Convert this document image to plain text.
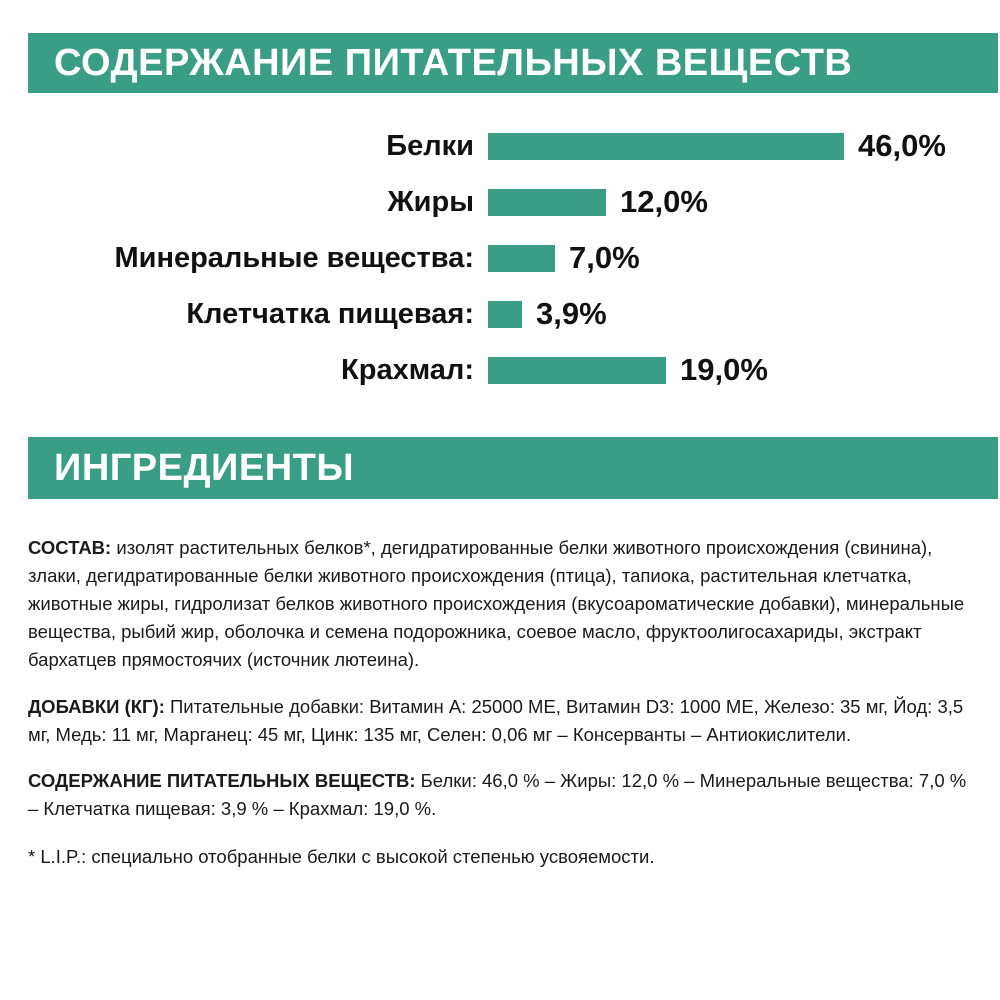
СОДЕРЖАНИЕ ПИТАТЕЛЬНЫХ ВЕЩЕСТВ
Белки	46,0%
Жиры	12,0%
Минеральные вещества:	7,0%
Клетчатка пищевая:	3,9%
Крахмал:	19,0%
ИНГРЕДИЕНТЫ

СОСТАВ: изолят растительных белков*, дегидратированные белки животного происхождения (свинина), злаки, дегидратированные белки животного происхождения (птица), тапиока, растительная клетчатка, животные жиры, гидролизат белков животного происхождения (вкусоароматические добавки), минеральные вещества, рыбий жир, оболочка и семена подорожника, соевое масло, фруктоолигосахариды, экстракт бархатцев прямостоячих (источник лютеина).

ДОБАВКИ (КГ): Питательные добавки: Витамин А: 25000 МЕ, Витамин D3: 1000 МЕ, Железо: 35 мг, Йод: 3,5 мг, Медь: 11 мг, Марганец: 45 мг, Цинк: 135 мг, Селен: 0,06 мг – Консерванты – Антиокислители.

СОДЕРЖАНИЕ ПИТАТЕЛЬНЫХ ВЕЩЕСТВ: Белки: 46,0 % – Жиры: 12,0 % – Минеральные вещества: 7,0 % – Клетчатка пищевая: 3,9 % – Крахмал: 19,0 %.

* L.I.P.: специально отобранные белки с высокой степенью усвояемости.
